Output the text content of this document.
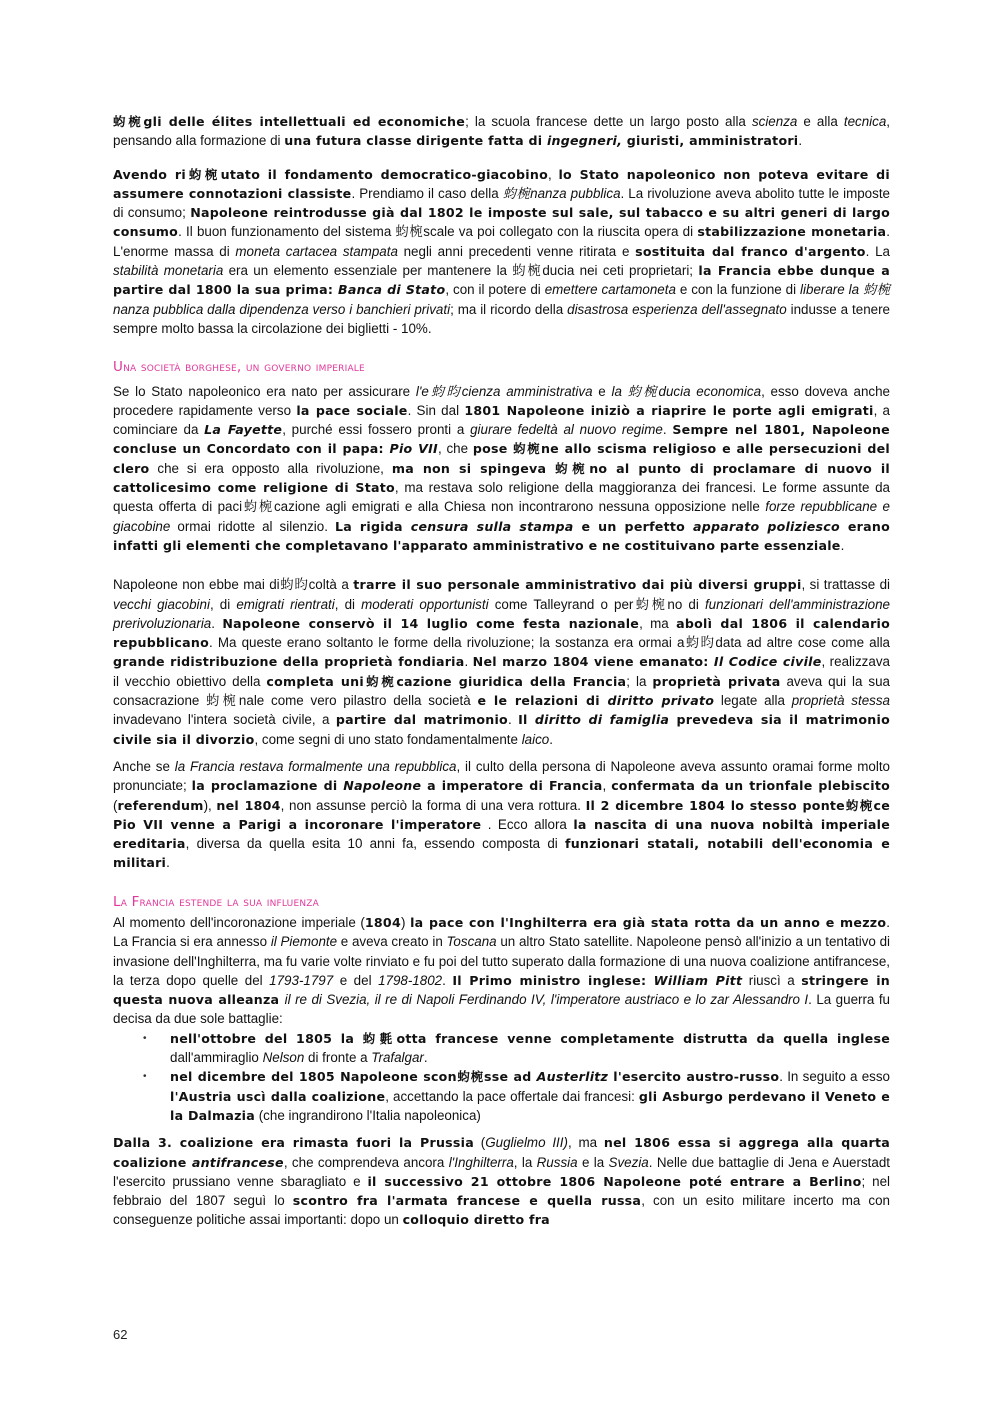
蚐椀gli delle élites intellettuali ed economiche; la scuola francese dette un largo posto alla scienza e alla tecnica, pensando alla formazione di una futura classe dirigente fatta di ingegneri, giuristi, amministratori.

Avendo ri蚐椀utato il fondamento democratico-giacobino, lo Stato napoleonico non poteva evitare di assumere connotazioni classiste. Prendiamo il caso della 蚐椀nanza pubblica. La rivoluzione aveva abolito tutte le imposte di consumo; Napoleone reintrodusse già dal 1802 le imposte sul sale, sul tabacco e su altri generi di largo consumo. Il buon funzionamento del sistema 蚐椀scale va poi collegato con la riuscita opera di stabilizzazione monetaria. L'enorme massa di moneta cartacea stampata negli anni precedenti venne ritirata e sostituita dal franco d'argento. La stabilità monetaria era un elemento essenziale per mantenere la 蚐椀ducia nei ceti proprietari; la Francia ebbe dunque a partire dal 1800 la sua prima: Banca di Stato, con il potere di emettere cartamoneta e con la funzione di liberare la 蚐椀nanza pubblica dalla dipendenza verso i banchieri privati; ma il ricordo della disastrosa esperienza dell'assegnato indusse a tenere sempre molto bassa la circolazione dei biglietti - 10%.

Una società borghese, un governo imperiale

Se lo Stato napoleonico era nato per assicurare l'e蚐昀cienza amministrativa e la 蚐椀ducia economica, esso doveva anche procedere rapidamente verso la pace sociale. Sin dal 1801 Napoleone iniziò a riaprire le porte agli emigrati, a cominciare da La Fayette, purché essi fossero pronti a giurare fedeltà al nuovo regime. Sempre nel 1801, Napoleone concluse un Concordato con il papa: Pio VII, che pose 蚐椀ne allo scisma religioso e alle persecuzioni del clero che si era opposto alla rivoluzione, ma non si spingeva 蚐椀no al punto di proclamare di nuovo il cattolicesimo come religione di Stato, ma restava solo religione della maggioranza dei francesi. Le forme assunte da questa offerta di paci蚐椀cazione agli emigrati e alla Chiesa non incontrarono nessuna opposizione nelle forze repubblicane e giacobine ormai ridotte al silenzio. La rigida censura sulla stampa e un perfetto apparato poliziesco erano infatti gli elementi che completavano l'apparato amministrativo e ne costituivano parte essenziale.

Napoleone non ebbe mai di蚐昀coltà a trarre il suo personale amministrativo dai più diversi gruppi, si trattasse di vecchi giacobini, di emigrati rientrati, di moderati opportunisti come Talleyrand o per蚐椀no di funzionari dell'amministrazione prerivoluzionaria. Napoleone conservò il 14 luglio come festa nazionale, ma abolì dal 1806 il calendario repubblicano. Ma queste erano soltanto le forme della rivoluzione; la sostanza era ormai a蚐昀data ad altre cose come alla grande ridistribuzione della proprietà fondiaria. Nel marzo 1804 viene emanato: Il Codice civile, realizzava il vecchio obiettivo della completa uni蚐椀cazione giuridica della Francia; la proprietà privata aveva qui la sua consacrazione 蚐椀nale come vero pilastro della società e le relazioni di diritto privato legate alla proprietà stessa invadevano l'intera società civile, a partire dal matrimonio. Il diritto di famiglia prevedeva sia il matrimonio civile sia il divorzio, come segni di uno stato fondamentalmente laico.

Anche se la Francia restava formalmente una repubblica, il culto della persona di Napoleone aveva assunto oramai forme molto pronunciate; la proclamazione di Napoleone a imperatore di Francia, confermata da un trionfale plebiscito (referendum), nel 1804, non assunse perciò la forma di una vera rottura. Il 2 dicembre 1804 lo stesso ponte蚐椀ce Pio VII venne a Parigi a incoronare l'imperatore . Ecco allora la nascita di una nuova nobiltà imperiale ereditaria, diversa da quella esita 10 anni fa, essendo composta di funzionari statali, notabili dell'economia e militari.

La Francia estende la sua influenza

Al momento dell'incoronazione imperiale (1804) la pace con l'Inghilterra era già stata rotta da un anno e mezzo. La Francia si era annesso il Piemonte e aveva creato in Toscana un altro Stato satellite. Napoleone pensò all'inizio a un tentativo di invasione dell'Inghilterra, ma fu varie volte rinviato e fu poi del tutto superato dalla formazione di una nuova coalizione antifrancese, la terza dopo quelle del 1793-1797 e del 1798-1802. Il Primo ministro inglese: William Pitt riuscì a stringere in questa nuova alleanza il re di Svezia, il re di Napoli Ferdinando IV, l'imperatore austriaco e lo zar Alessandro I. La guerra fu decisa da due sole battaglie:

• nell'ottobre del 1805 la 蚐氀otta francese venne completamente distrutta da quella inglese dall'ammiraglio Nelson di fronte a Trafalgar.
• nel dicembre del 1805 Napoleone scon蚐椀sse ad Austerlitz l'esercito austro-russo. In seguito a esso l'Austria uscì dalla coalizione, accettando la pace offertale dai francesi: gli Asburgo perdevano il Veneto e la Dalmazia (che ingrandirono l'Italia napoleonica)

Dalla 3. coalizione era rimasta fuori la Prussia (Guglielmo III), ma nel 1806 essa si aggrega alla quarta coalizione antifrancese, che comprendeva ancora l'Inghilterra, la Russia e la Svezia. Nelle due battaglie di Jena e Auerstadt l'esercito prussiano venne sbaragliato e il successivo 21 ottobre 1806 Napoleone poté entrare a Berlino; nel febbraio del 1807 seguì lo scontro fra l'armata francese e quella russa, con un esito militare incerto ma con conseguenze politiche assai importanti: dopo un colloquio diretto fra

62
